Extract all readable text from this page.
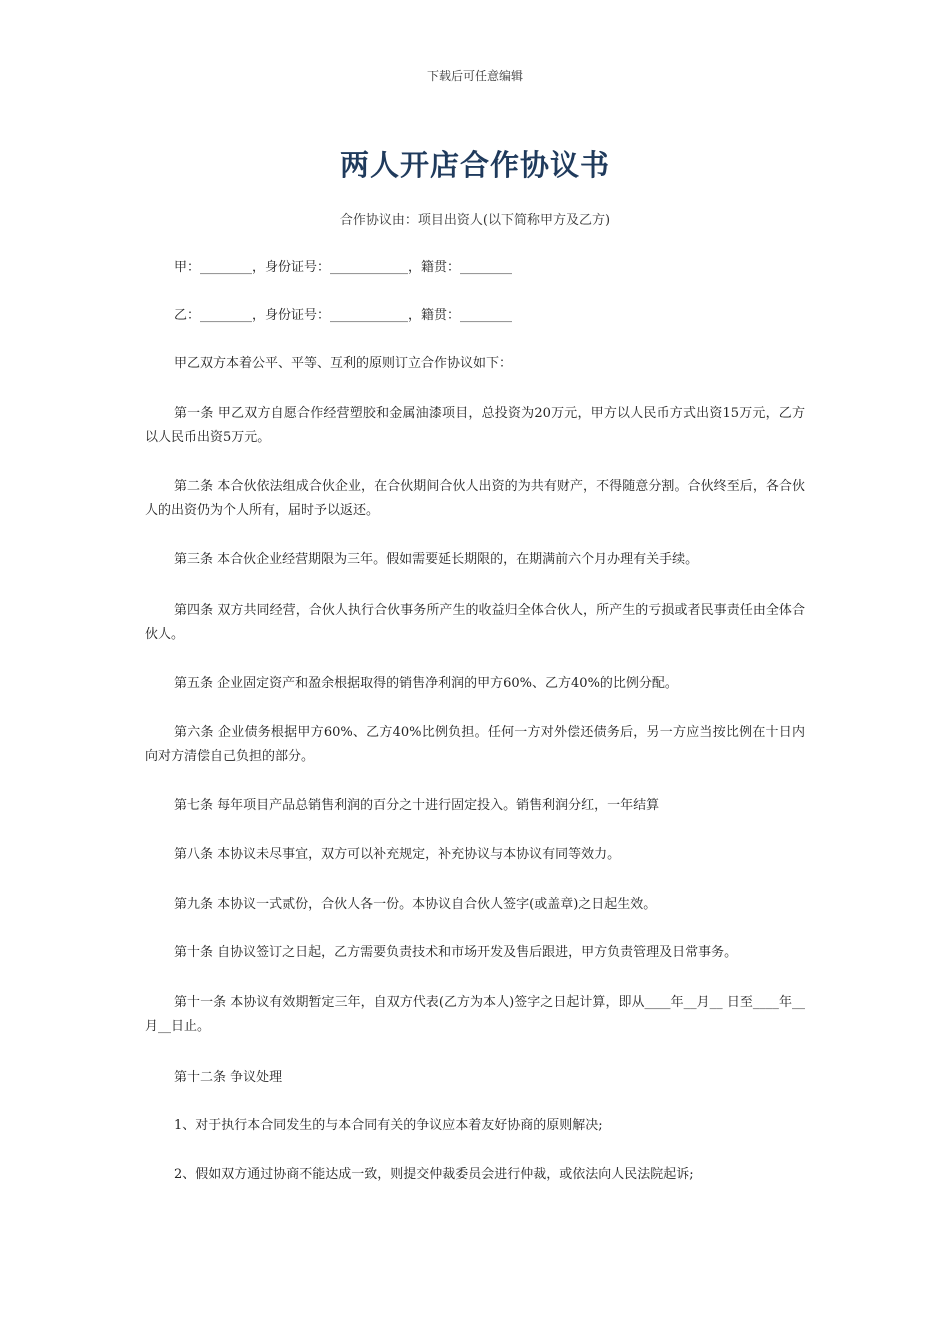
下载后可任意编辑
两人开店合作协议书
合作协议由：项目出资人(以下简称甲方及乙方)
甲：________，身份证号：____________，籍贯：________
乙：________，身份证号：____________，籍贯：________
甲乙双方本着公平、平等、互利的原则订立合作协议如下：
第一条 甲乙双方自愿合作经营塑胶和金属油漆项目，总投资为20万元，甲方以人民币方式出资15万元，乙方以人民币出资5万元。
第二条 本合伙依法组成合伙企业，在合伙期间合伙人出资的为共有财产，不得随意分割。合伙终至后，各合伙人的出资仍为个人所有，届时予以返还。
第三条 本合伙企业经营期限为三年。假如需要延长期限的，在期满前六个月办理有关手续。
第四条 双方共同经营，合伙人执行合伙事务所产生的收益归全体合伙人，所产生的亏损或者民事责任由全体合伙人。
第五条 企业固定资产和盈余根据取得的销售净利润的甲方60%、乙方40%的比例分配。
第六条 企业债务根据甲方60%、乙方40%比例负担。任何一方对外偿还债务后，另一方应当按比例在十日内向对方清偿自己负担的部分。
第七条 每年项目产品总销售利润的百分之十进行固定投入。销售利润分红，一年结算
第八条 本协议未尽事宜，双方可以补充规定，补充协议与本协议有同等效力。
第九条 本协议一式贰份，合伙人各一份。本协议自合伙人签字(或盖章)之日起生效。
第十条 自协议签订之日起，乙方需要负责技术和市场开发及售后跟进，甲方负责管理及日常事务。
第十一条 本协议有效期暂定三年，自双方代表(乙方为本人)签字之日起计算，即从____年__月__ 日至____年__月__日止。
第十二条 争议处理
1、对于执行本合同发生的与本合同有关的争议应本着友好协商的原则解决;
2、假如双方通过协商不能达成一致，则提交仲裁委员会进行仲裁，或依法向人民法院起诉;
